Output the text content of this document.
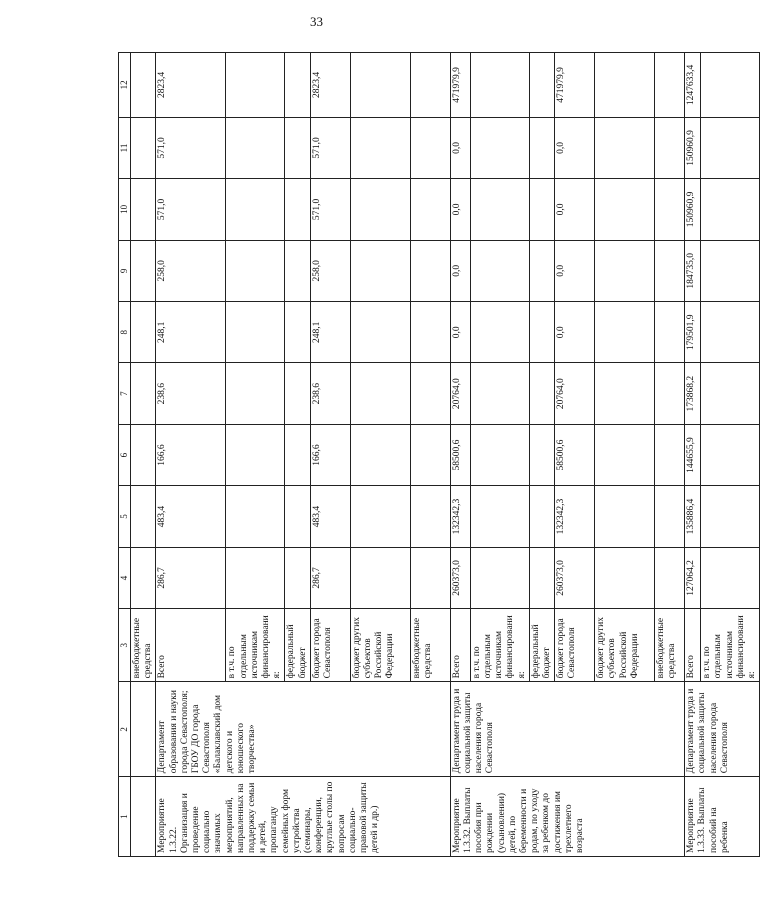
33
1	2	3	4	5	6	7	8	9	10	11	12
		внебюджетные средства									
Мероприятие 1.3.22. Организация и проведение социально значимых мероприятий, направленных на поддержку семьи и детей, пропаганду семейных форм устройства (семинары, конференции, круглые столы по вопросам социально-правовой защиты детей и др.)	Департамент образования и науки города Севастополя; ГБОУ ДО города Севастополя «Балаклавский дом детского и юношеского творчества»	Всего	286,7	483,4	166,6	238,6	248,1	258,0	571,0	571,0	2823,4
		в т.ч. по отдельным источникам финансирования:									
		федеральный бюджет									
		бюджет города Севастополя	286,7	483,4	166,6	238,6	248,1	258,0	571,0	571,0	2823,4
		бюджет других субъектов Российской Федерации									
		внебюджетные средства									
Мероприятие 1.3.32. Выплаты пособия при рождении (усыновлении) детей, по беременности и родам, по уходу за ребенком до достижения им трехлетнего возраста	Департамент труда и социальной защиты населения города Севастополя	Всего	260373,0	132342,3	58500,6	20764,0	0,0	0,0	0,0	0,0	471979,9
		в т.ч. по отдельным источникам финансирования:									
		федеральный бюджет									
		бюджет города Севастополя	260373,0	132342,3	58500,6	20764,0	0,0	0,0	0,0	0,0	471979,9
		бюджет других субъектов Российской Федерации									
		внебюджетные средства									
Мероприятие 1.3.33. Выплаты пособий на ребенка	Департамент труда и социальной защиты населения города Севастополя	Всего	127064,2	135886,4	144655,9	173868,2	179501,9	184735,0	150960,9	150960,9	1247633,4
		в т.ч. по отдельным источникам финансирования:									
